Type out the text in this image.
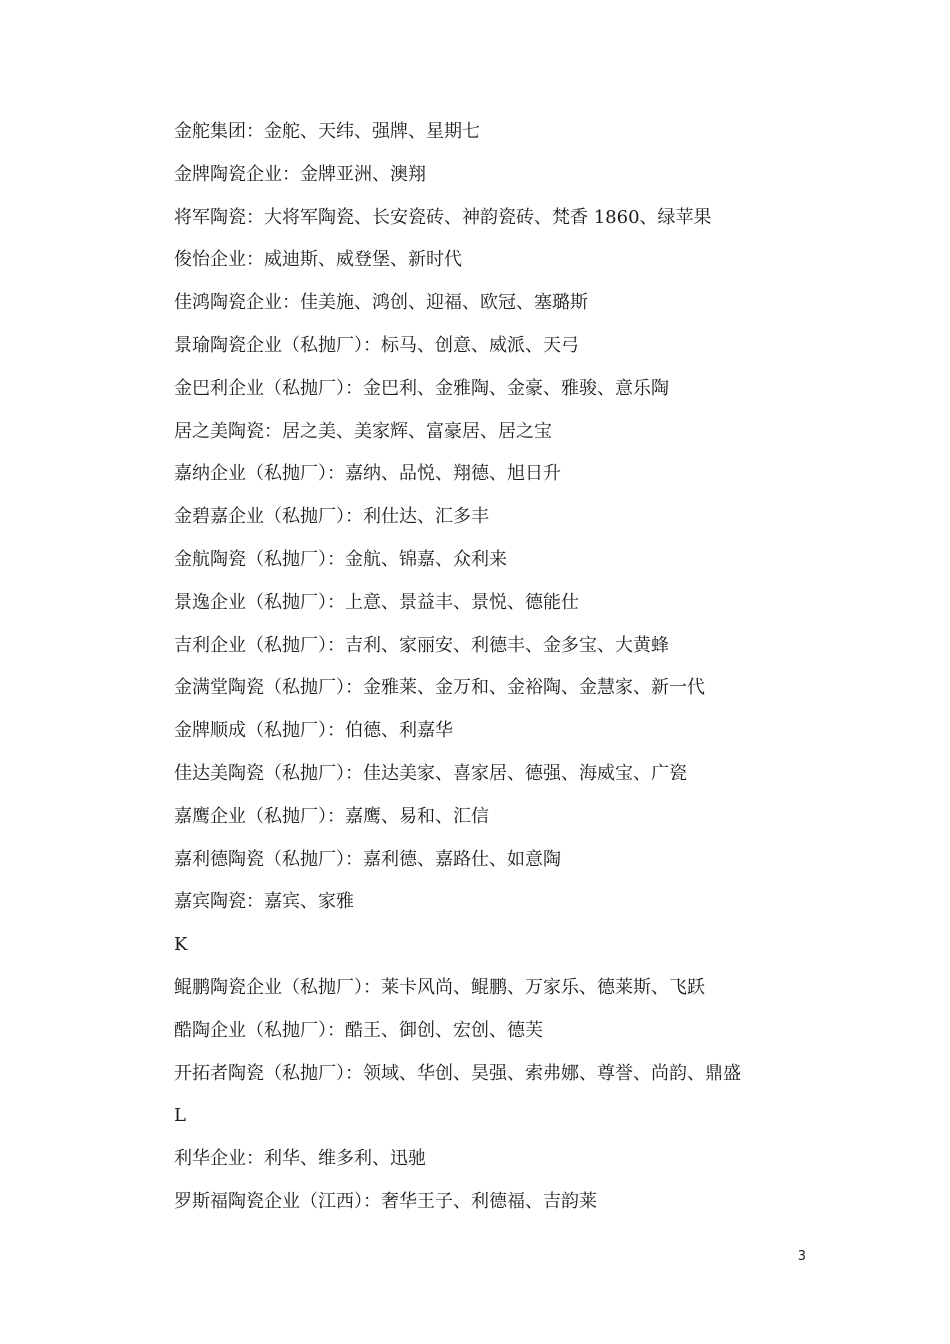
金舵集团：金舵、天纬、强牌、星期七
金牌陶瓷企业：金牌亚洲、澳翔
将军陶瓷：大将军陶瓷、长安瓷砖、神韵瓷砖、梵香 1860、绿苹果
俊怡企业：威迪斯、威登堡、新时代
佳鸿陶瓷企业：佳美施、鸿创、迎福、欧冠、塞璐斯
景瑜陶瓷企业（私抛厂）：标马、创意、威派、天弓
金巴利企业（私抛厂）：金巴利、金雅陶、金豪、雅骏、意乐陶
居之美陶瓷：居之美、美家辉、富豪居、居之宝
嘉纳企业（私抛厂）：嘉纳、品悦、翔德、旭日升
金碧嘉企业（私抛厂）：利仕达、汇多丰
金航陶瓷（私抛厂）：金航、锦嘉、众利来
景逸企业（私抛厂）：上意、景益丰、景悦、德能仕
吉利企业（私抛厂）：吉利、家丽安、利德丰、金多宝、大黄蜂
金满堂陶瓷（私抛厂）：金雅莱、金万和、金裕陶、金慧家、新一代
金牌顺成（私抛厂）：伯德、利嘉华
佳达美陶瓷（私抛厂）：佳达美家、喜家居、德强、海威宝、广瓷
嘉鹰企业（私抛厂）：嘉鹰、易和、汇信
嘉利德陶瓷（私抛厂）：嘉利德、嘉路仕、如意陶
嘉宾陶瓷：嘉宾、家雅
K
鲲鹏陶瓷企业（私抛厂）：莱卡风尚、鲲鹏、万家乐、德莱斯、飞跃
酷陶企业（私抛厂）：酷王、御创、宏创、德芙
开拓者陶瓷（私抛厂）：领域、华创、昊强、索弗娜、尊誉、尚韵、鼎盛
L
利华企业：利华、维多利、迅驰
罗斯福陶瓷企业（江西）：奢华王子、利德福、吉韵莱
3
